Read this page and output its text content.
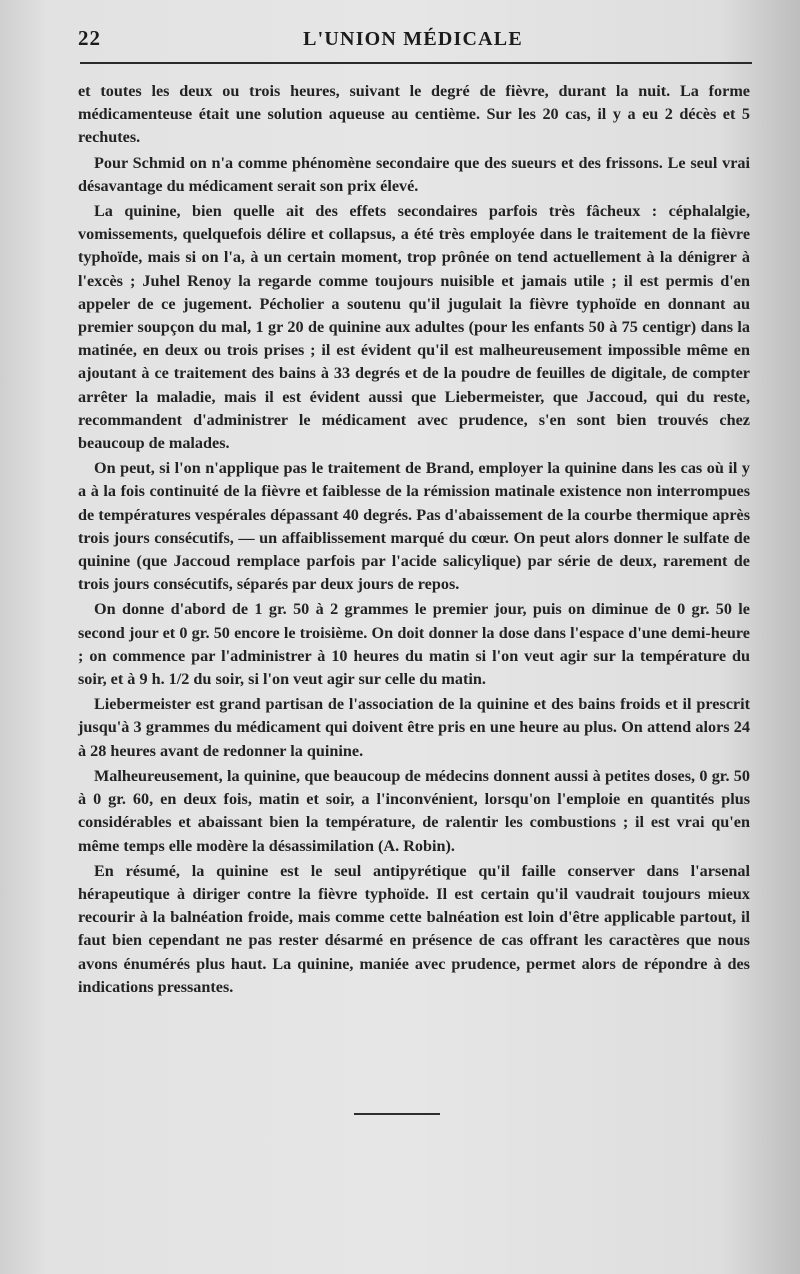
22	L'UNION MÉDICALE

et toutes les deux ou trois heures, suivant le degré de fièvre, durant la nuit. La forme médicamenteuse était une solution aqueuse au centième. Sur les 20 cas, il y a eu 2 décès et 5 rechutes.

Pour Schmid on n'a comme phénomène secondaire que des sueurs et des frissons. Le seul vrai désavantage du médicament serait son prix élevé.

La quinine, bien quelle ait des effets secondaires parfois très fâcheux : céphalalgie, vomissements, quelquefois délire et collapsus, a été très employée dans le traitement de la fièvre typhoïde, mais si on l'a, à un certain moment, trop prônée on tend actuellement à la dénigrer à l'excès ; Juhel Renoy la regarde comme toujours nuisible et jamais utile ; il est permis d'en appeler de ce jugement. Pécholier a soutenu qu'il jugulait la fièvre typhoïde en donnant au premier soupçon du mal, 1 gr 20 de quinine aux adultes (pour les enfants 50 à 75 centigr) dans la matinée, en deux ou trois prises ; il est évident qu'il est malheureusement impossible même en ajoutant à ce traitement des bains à 33 degrés et de la poudre de feuilles de digitale, de compter arrêter la maladie, mais il est évident aussi que Liebermeister, que Jaccoud, qui du reste, recommandent d'administrer le médicament avec prudence, s'en sont bien trouvés chez beaucoup de malades.

On peut, si l'on n'applique pas le traitement de Brand, employer la quinine dans les cas où il y a à la fois continuité de la fièvre et faiblesse de la rémission matinale existence non interrompues de températures vespérales dépassant 40 degrés. Pas d'abaissement de la courbe thermique après trois jours consécutifs, — un affaiblissement marqué du cœur. On peut alors donner le sulfate de quinine (que Jaccoud remplace parfois par l'acide salicylique) par série de deux, rarement de trois jours consécutifs, séparés par deux jours de repos.

On donne d'abord de 1 gr. 50 à 2 grammes le premier jour, puis on diminue de 0 gr. 50 le second jour et 0 gr. 50 encore le troisième. On doit donner la dose dans l'espace d'une demi-heure ; on commence par l'administrer à 10 heures du matin si l'on veut agir sur la température du soir, et à 9 h. 1/2 du soir, si l'on veut agir sur celle du matin.

Liebermeister est grand partisan de l'association de la quinine et des bains froids et il prescrit jusqu'à 3 grammes du médicament qui doivent être pris en une heure au plus. On attend alors 24 à 28 heures avant de redonner la quinine.

Malheureusement, la quinine, que beaucoup de médecins donnent aussi à petites doses, 0 gr. 50 à 0 gr. 60, en deux fois, matin et soir, a l'inconvénient, lorsqu'on l'emploie en quantités plus considérables et abaissant bien la température, de ralentir les combustions ; il est vrai qu'en même temps elle modère la désassimilation (A. Robin).

En résumé, la quinine est le seul antipyrétique qu'il faille conserver dans l'arsenal hérapeutique à diriger contre la fièvre typhoïde. Il est certain qu'il vaudrait toujours mieux recourir à la balnéation froide, mais comme cette balnéation est loin d'être applicable partout, il faut bien cependant ne pas rester désarmé en présence de cas offrant les caractères que nous avons énumérés plus haut. La quinine, maniée avec prudence, permet alors de répondre à des indications pressantes.
